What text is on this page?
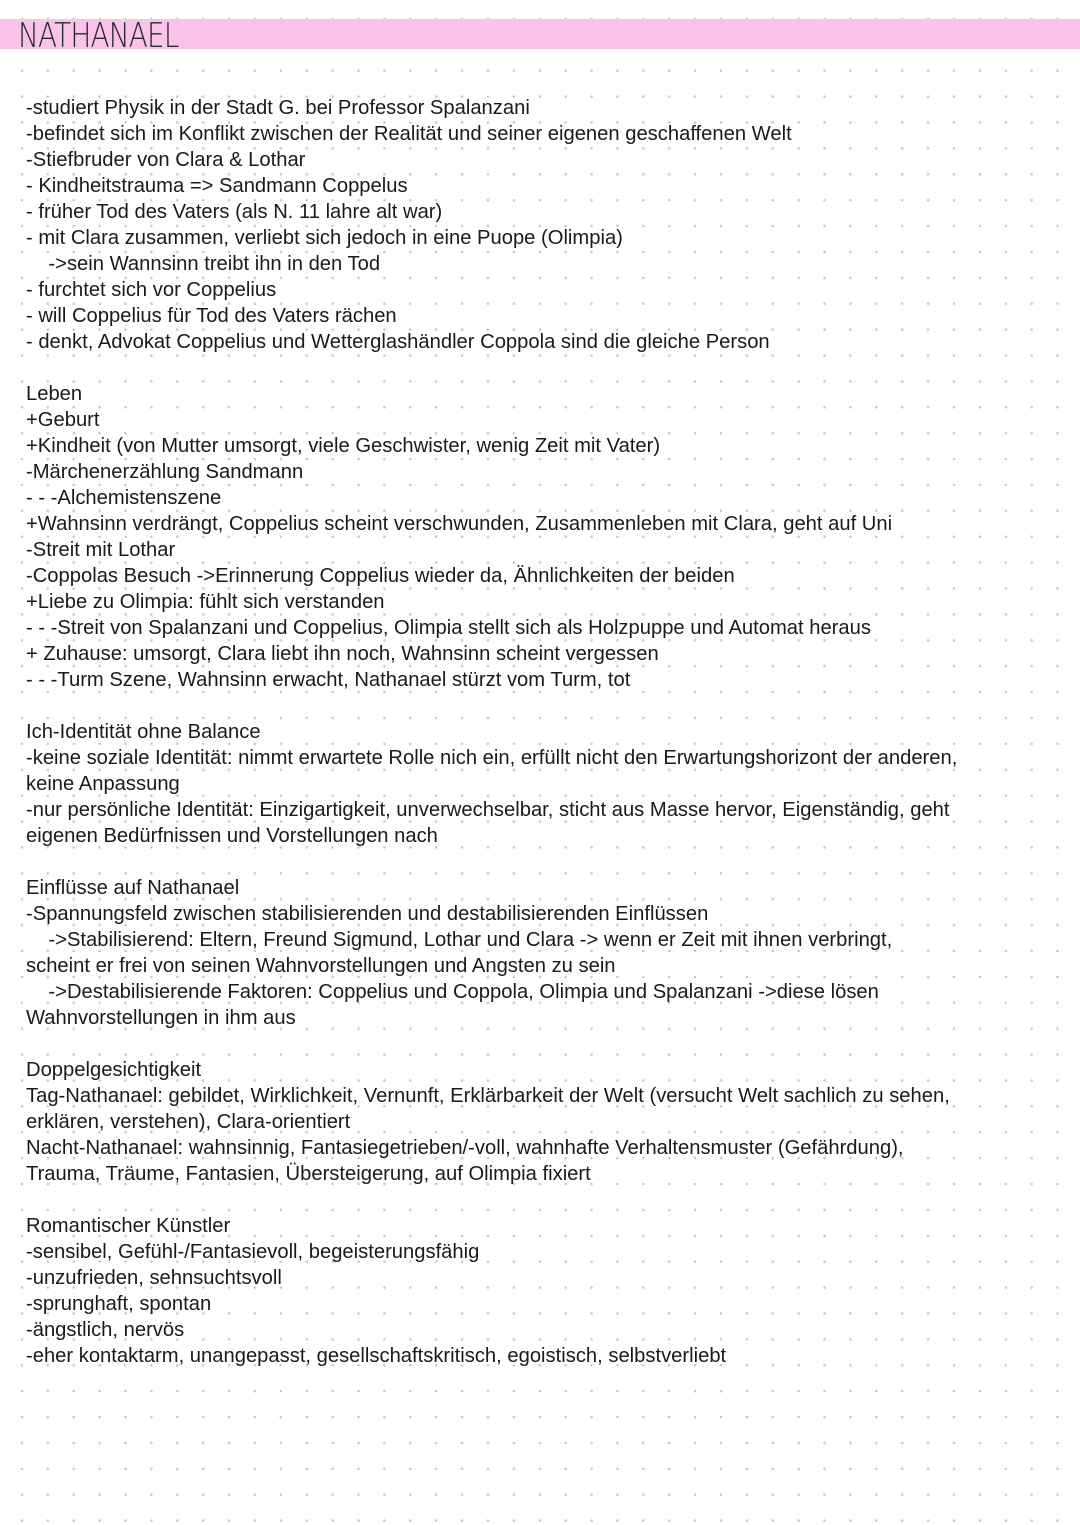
NATHANAEL
-studiert Physik in der Stadt G. bei Professor Spalanzani
-befindet sich im Konflikt zwischen der Realität und seiner eigenen geschaffenen Welt
-Stiefbruder von Clara & Lothar
- Kindheitstrauma => Sandmann Coppelus
- früher Tod des Vaters (als N. 11 lahre alt war)
- mit Clara zusammen, verliebt sich jedoch in eine Puope (Olimpia)
->sein Wannsinn treibt ihn in den Tod
- furchtet sich vor Coppelius
- will Coppelius für Tod des Vaters rächen
- denkt, Advokat Coppelius und Wetterglashändler Coppola sind die gleiche Person
Leben
+Geburt
+Kindheit (von Mutter umsorgt, viele Geschwister, wenig Zeit mit Vater)
-Märchenerzählung Sandmann
- - -Alchemistenszene
+Wahnsinn verdrängt, Coppelius scheint verschwunden, Zusammenleben mit Clara, geht auf Uni
-Streit mit Lothar
-Coppolas Besuch ->Erinnerung Coppelius wieder da, Ähnlichkeiten der beiden
+Liebe zu Olimpia: fühlt sich verstanden
- - -Streit von Spalanzani und Coppelius, Olimpia stellt sich als Holzpuppe und Automat heraus
+ Zuhause: umsorgt, Clara liebt ihn noch, Wahnsinn scheint vergessen
- - -Turm Szene, Wahnsinn erwacht, Nathanael stürzt vom Turm, tot
Ich-Identität ohne Balance
-keine soziale Identität: nimmt erwartete Rolle nich ein, erfüllt nicht den Erwartungshorizont der anderen,
keine Anpassung
-nur persönliche Identität: Einzigartigkeit, unverwechselbar, sticht aus Masse hervor, Eigenständig, geht
eigenen Bedürfnissen und Vorstellungen nach
Einflüsse auf Nathanael
-Spannungsfeld zwischen stabilisierenden und destabilisierenden Einflüssen
->Stabilisierend: Eltern, Freund Sigmund, Lothar und Clara -> wenn er Zeit mit ihnen verbringt,
scheint er frei von seinen Wahnvorstellungen und Angsten zu sein
->Destabilisierende Faktoren: Coppelius und Coppola, Olimpia und Spalanzani ->diese lösen
Wahnvorstellungen in ihm aus
Doppelgesichtigkeit
Tag-Nathanael: gebildet, Wirklichkeit, Vernunft, Erklärbarkeit der Welt (versucht Welt sachlich zu sehen,
erklären, verstehen), Clara-orientiert
Nacht-Nathanael: wahnsinnig, Fantasiegetrieben/-voll, wahnhafte Verhaltensmuster (Gefährdung),
Trauma, Träume, Fantasien, Übersteigerung, auf Olimpia fixiert
Romantischer Künstler
-sensibel, Gefühl-/Fantasievoll, begeisterungsfähig
-unzufrieden, sehnsuchtsvoll
-sprunghaft, spontan
-ängstlich, nervös
-eher kontaktarm, unangepasst, gesellschaftskritisch, egoistisch, selbstverliebt
